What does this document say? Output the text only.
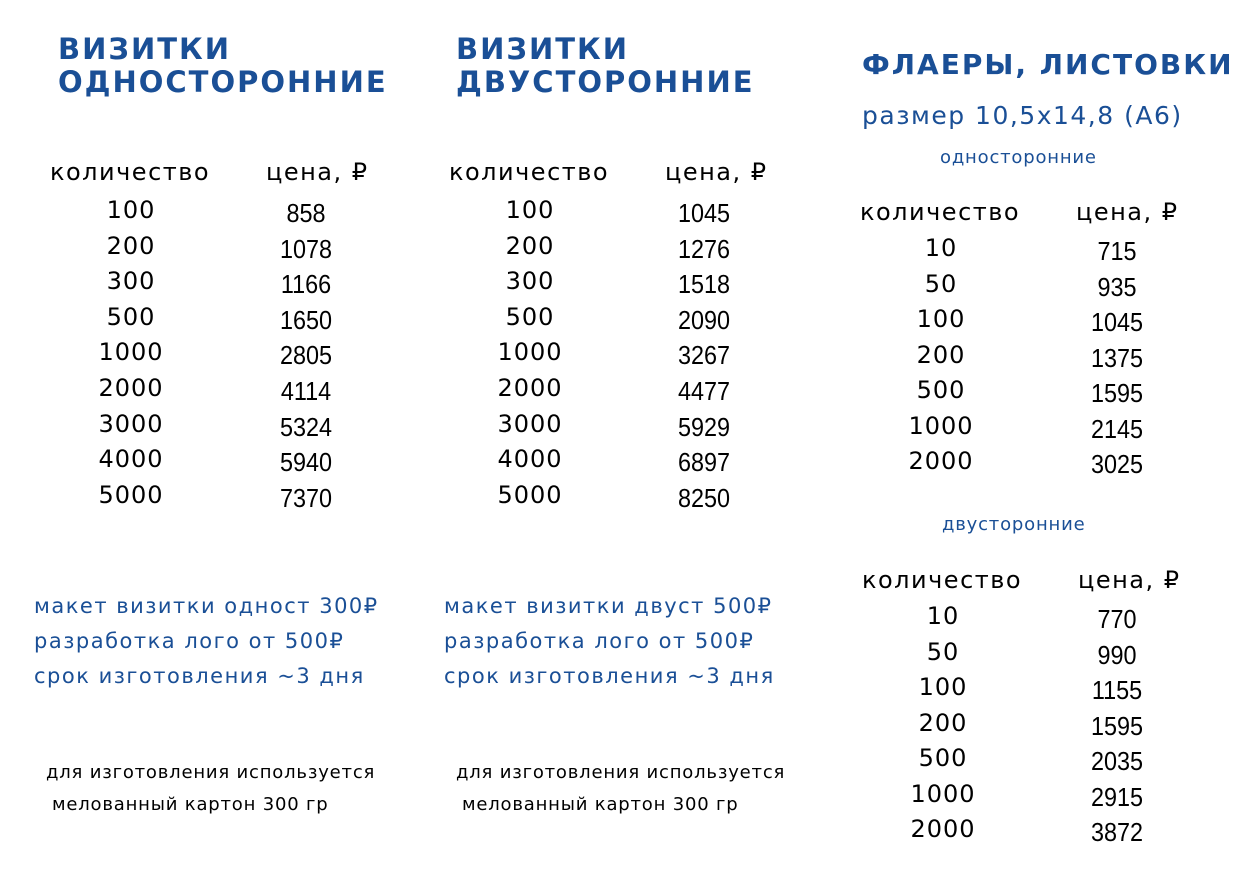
ВИЗИТКИ
ОДНОСТОРОННИЕ
количество цена, ₽
100	858
200	1078
300	1166
500	1650
1000	2805
2000	4114
3000	5324
4000	5940
5000	7370
макет визитки одност 300₽
разработка лого от 500₽
срок изготовления ~3 дня
для изготовления используется
мелованный картон 300 гр
ВИЗИТКИ
ДВУСТОРОННИЕ
количество цена, ₽
100	1045
200	1276
300	1518
500	2090
1000	3267
2000	4477
3000	5929
4000	6897
5000	8250
макет визитки двуст 500₽
разработка лого от 500₽
срок изготовления ~3 дня
для изготовления используется
мелованный картон 300 гр
ФЛАЕРЫ, ЛИСТОВКИ
размер 10,5х14,8 (А6)
односторонние
количество цена, ₽
10	715
50	935
100	1045
200	1375
500	1595
1000	2145
2000	3025
двусторонние
количество цена, ₽
10	770
50	990
100	1155
200	1595
500	2035
1000	2915
2000	3872
